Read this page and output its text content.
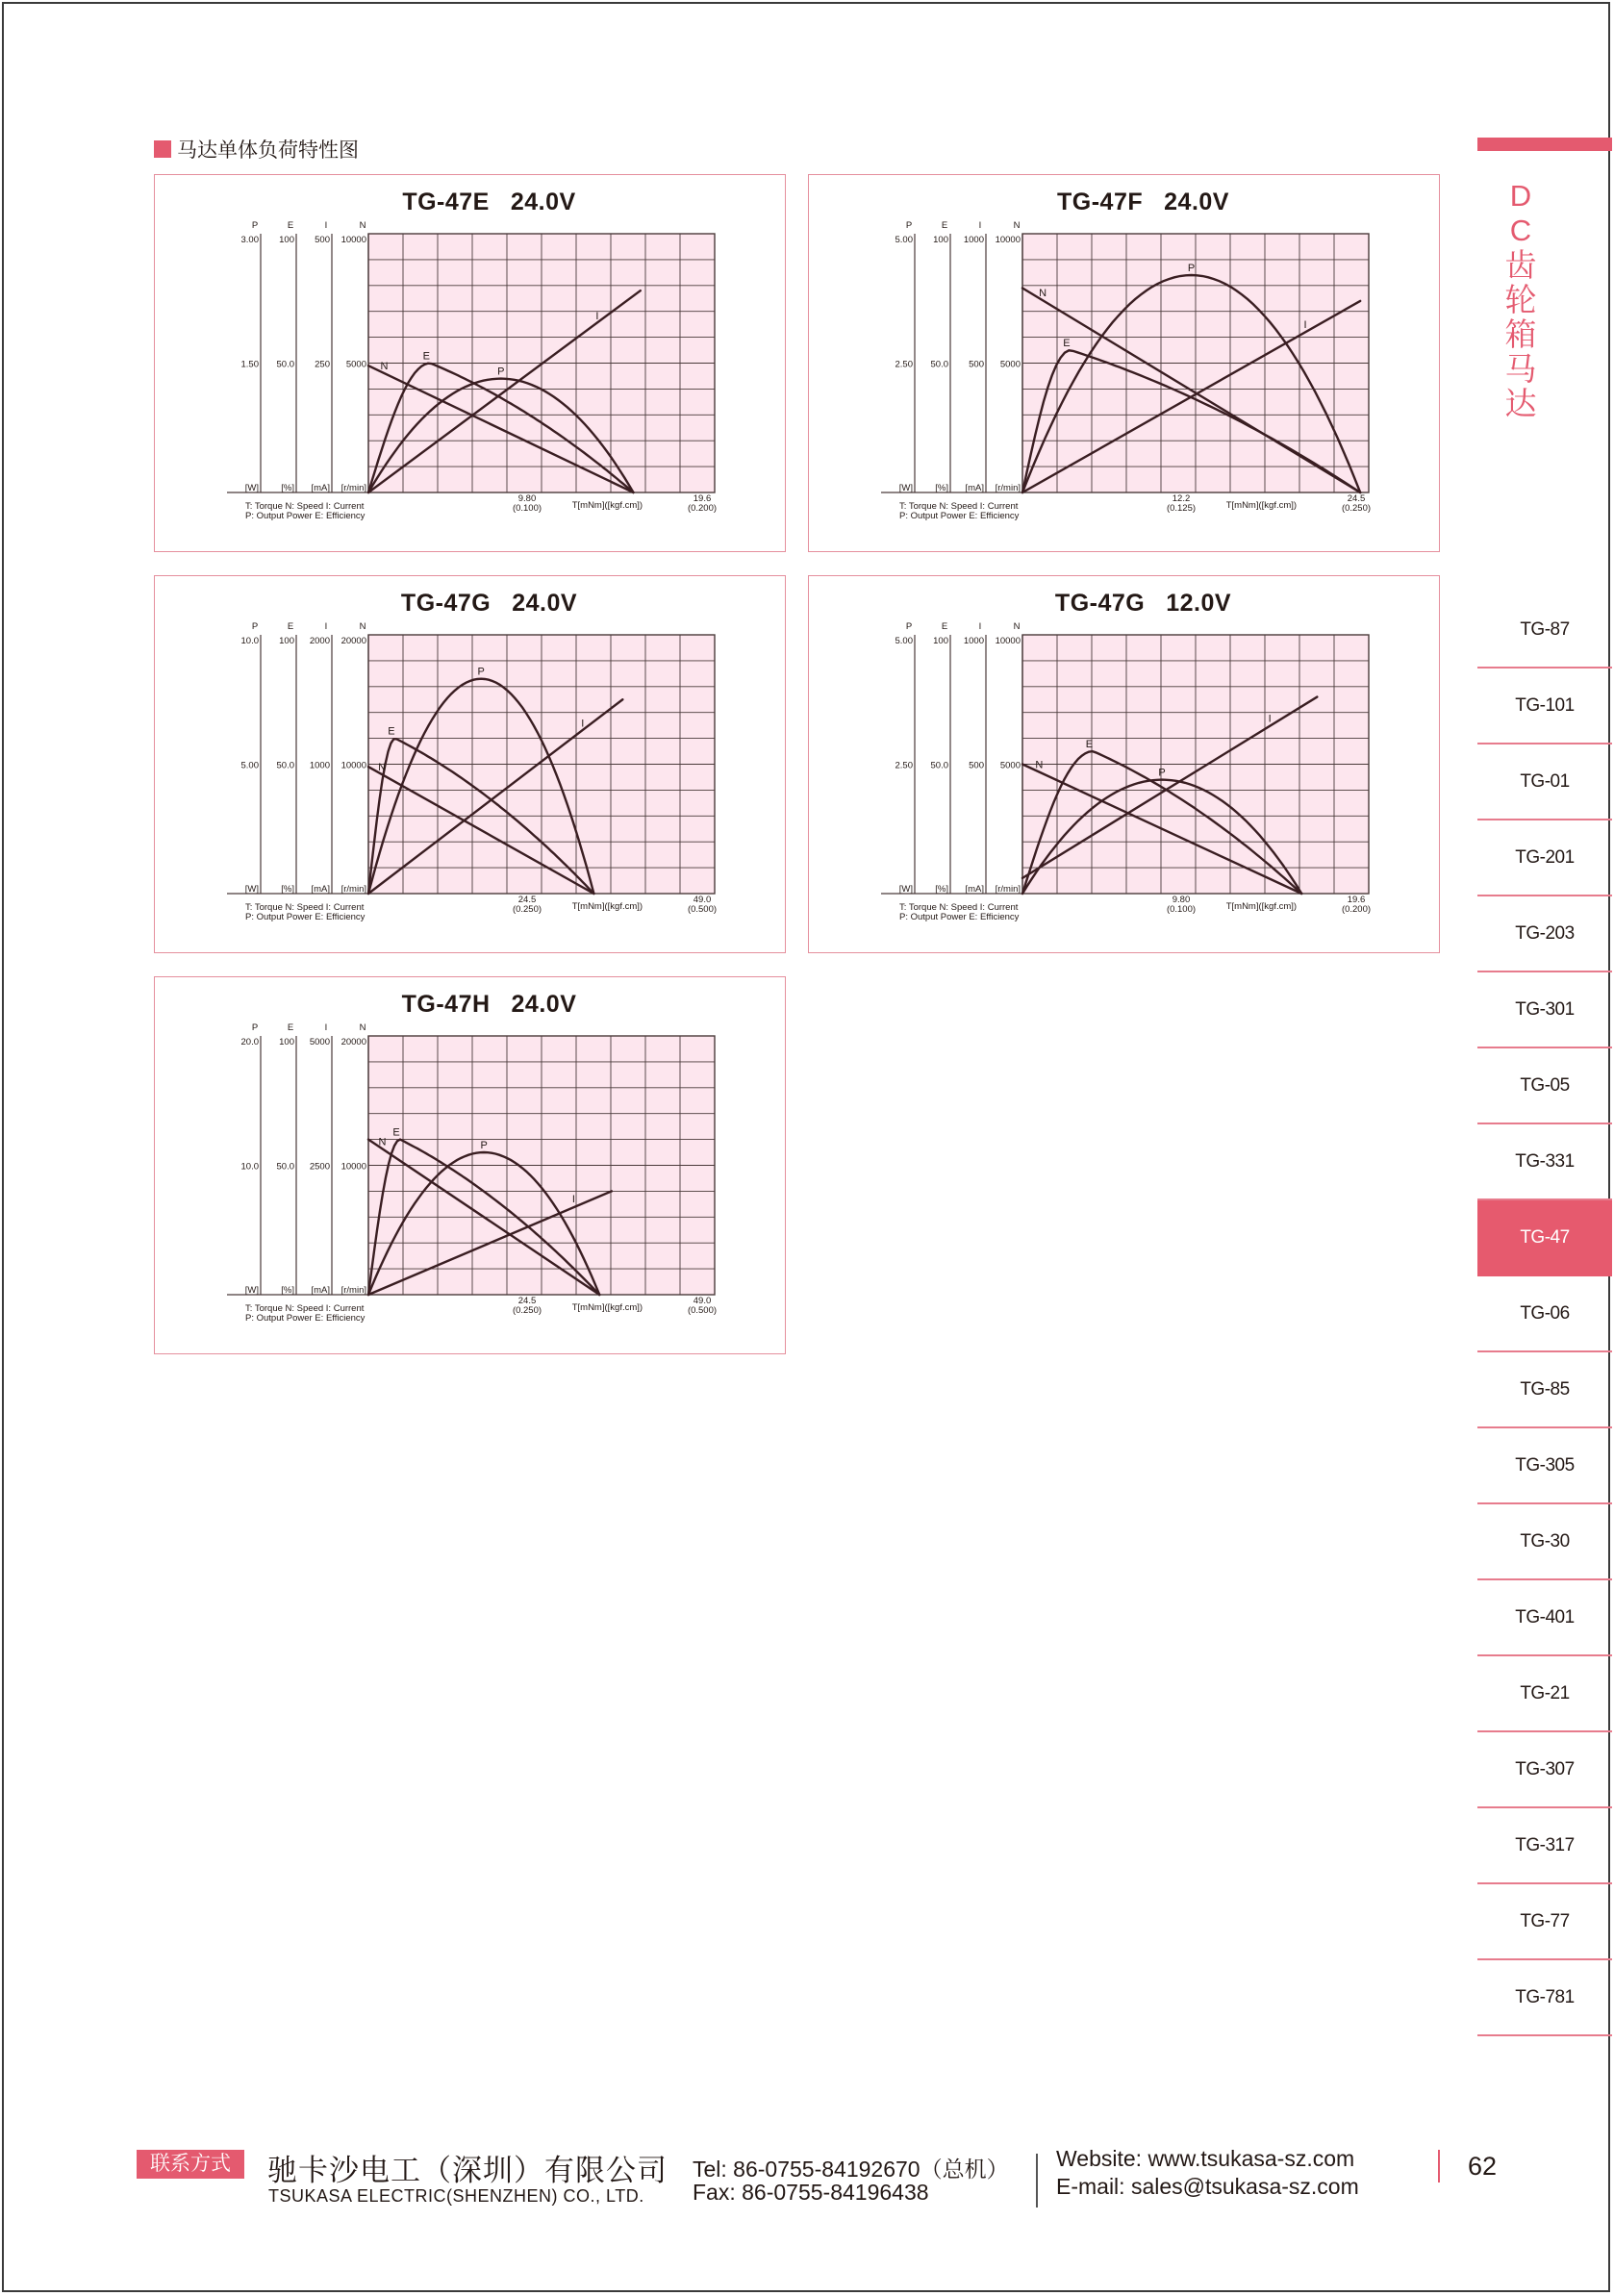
马达单体负荷特性图
TG-47E 24.0V
P
3.00
1.50
[W]
E
100
50.0
[%]
I
500
250
[mA]
N
10000
5000
[r/min]
9.80
(0.100)
19.6
(0.200)
T[mNm]([kgf.cm])
T: Torque N: Speed I: Current
P: Output Power E: Efficiency
N
E
P
I
TG-47F 24.0V
P
5.00
2.50
[W]
E
100
50.0
[%]
I
1000
500
[mA]
N
10000
5000
[r/min]
12.2
(0.125)
24.5
(0.250)
T[mNm]([kgf.cm])
T: Torque N: Speed I: Current
P: Output Power E: Efficiency
N
E
P
I
TG-47G 24.0V
P
10.0
5.00
[W]
E
100
50.0
[%]
I
2000
1000
[mA]
N
20000
10000
[r/min]
24.5
(0.250)
49.0
(0.500)
T[mNm]([kgf.cm])
T: Torque N: Speed I: Current
P: Output Power E: Efficiency
N
E
P
I
TG-47G 12.0V
P
5.00
2.50
[W]
E
100
50.0
[%]
I
1000
500
[mA]
N
10000
5000
[r/min]
9.80
(0.100)
19.6
(0.200)
T[mNm]([kgf.cm])
T: Torque N: Speed I: Current
P: Output Power E: Efficiency
N
E
P
I
TG-47H 24.0V
P
20.0
10.0
[W]
E
100
50.0
[%]
I
5000
2500
[mA]
N
20000
10000
[r/min]
24.5
(0.250)
49.0
(0.500)
T[mNm]([kgf.cm])
T: Torque N: Speed I: Current
P: Output Power E: Efficiency
N
E
P
I
D
C
齿
轮
箱
马
达
TG-87
TG-101
TG-01
TG-201
TG-203
TG-301
TG-05
TG-331
TG-47
TG-06
TG-85
TG-305
TG-30
TG-401
TG-21
TG-307
TG-317
TG-77
TG-781
联系方式	驰卡沙电工（深圳）有限公司
TSUKASA ELECTRIC(SHENZHEN) CO., LTD.
Tel: 86-0755-84192670（总机）
Fax: 86-0755-84196438
Website: www.tsukasa-sz.com
E-mail: sales@tsukasa-sz.com
62
